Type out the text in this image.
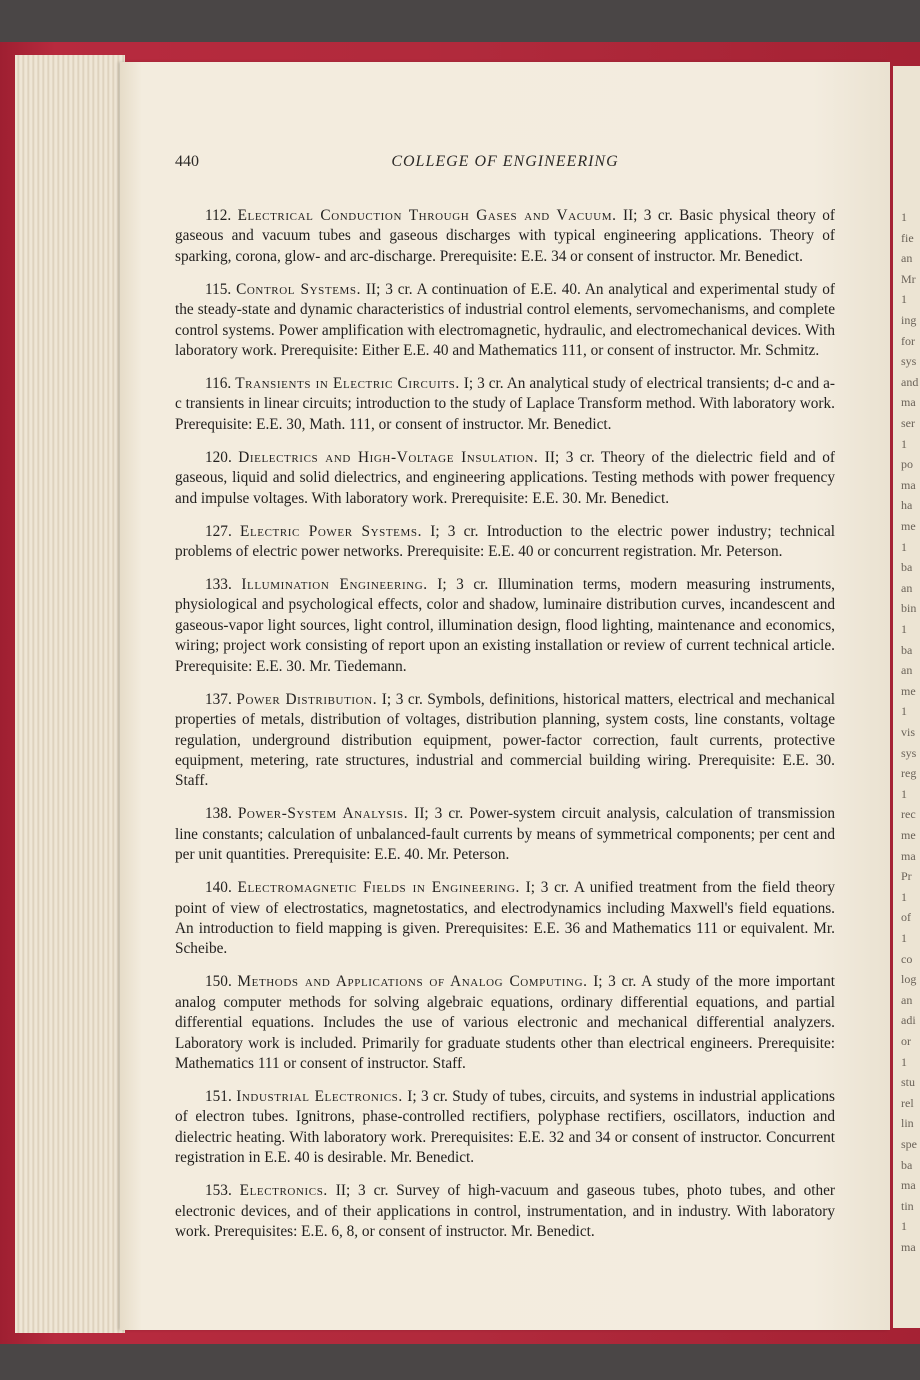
1
fie
an
Mr
1
ing
for
sys
and
ma
ser
1
po
ma
ha
me
1
ba
an
bin
1
ba
an
me
1
vis
sys
reg
1
rec
me
ma
Pr
1
of
1
co
log
an
adi
or
1
stu
rel
lin
spe
ba
ma
tin
1
ma
440	COLLEGE OF ENGINEERING

112. Electrical Conduction Through Gases and Vacuum. II; 3 cr. Basic physical theory of gaseous and vacuum tubes and gaseous discharges with typical engineering applications. Theory of sparking, corona, glow- and arc-discharge. Prerequisite: E.E. 34 or consent of instructor. Mr. Benedict.

115. Control Systems. II; 3 cr. A continuation of E.E. 40. An analytical and experimental study of the steady-state and dynamic characteristics of industrial control elements, servomechanisms, and complete control systems. Power amplification with electromagnetic, hydraulic, and electromechanical devices. With laboratory work. Prerequisite: Either E.E. 40 and Mathematics 111, or consent of instructor. Mr. Schmitz.

116. Transients in Electric Circuits. I; 3 cr. An analytical study of electrical transients; d-c and a-c transients in linear circuits; introduction to the study of Laplace Transform method. With laboratory work. Prerequisite: E.E. 30, Math. 111, or consent of instructor. Mr. Benedict.

120. Dielectrics and High-Voltage Insulation. II; 3 cr. Theory of the dielectric field and of gaseous, liquid and solid dielectrics, and engineering applications. Testing methods with power frequency and impulse voltages. With laboratory work. Prerequisite: E.E. 30. Mr. Benedict.

127. Electric Power Systems. I; 3 cr. Introduction to the electric power industry; technical problems of electric power networks. Prerequisite: E.E. 40 or concurrent registration. Mr. Peterson.

133. Illumination Engineering. I; 3 cr. Illumination terms, modern measuring instruments, physiological and psychological effects, color and shadow, luminaire distribution curves, incandescent and gaseous-vapor light sources, light control, illumination design, flood lighting, maintenance and economics, wiring; project work consisting of report upon an existing installation or review of current technical article. Prerequisite: E.E. 30. Mr. Tiedemann.

137. Power Distribution. I; 3 cr. Symbols, definitions, historical matters, electrical and mechanical properties of metals, distribution of voltages, distribution planning, system costs, line constants, voltage regulation, underground distribution equipment, power-factor correction, fault currents, protective equipment, metering, rate structures, industrial and commercial building wiring. Prerequisite: E.E. 30. Staff.

138. Power-System Analysis. II; 3 cr. Power-system circuit analysis, calculation of transmission line constants; calculation of unbalanced-fault currents by means of symmetrical components; per cent and per unit quantities. Prerequisite: E.E. 40. Mr. Peterson.

140. Electromagnetic Fields in Engineering. I; 3 cr. A unified treatment from the field theory point of view of electrostatics, magnetostatics, and electrodynamics including Maxwell's field equations. An introduction to field mapping is given. Prerequisites: E.E. 36 and Mathematics 111 or equivalent. Mr. Scheibe.

150. Methods and Applications of Analog Computing. I; 3 cr. A study of the more important analog computer methods for solving algebraic equations, ordinary differential equations, and partial differential equations. Includes the use of various electronic and mechanical differential analyzers. Laboratory work is included. Primarily for graduate students other than electrical engineers. Prerequisite: Mathematics 111 or consent of instructor. Staff.

151. Industrial Electronics. I; 3 cr. Study of tubes, circuits, and systems in industrial applications of electron tubes. Ignitrons, phase-controlled rectifiers, polyphase rectifiers, oscillators, induction and dielectric heating. With laboratory work. Prerequisites: E.E. 32 and 34 or consent of instructor. Concurrent registration in E.E. 40 is desirable. Mr. Benedict.

153. Electronics. II; 3 cr. Survey of high-vacuum and gaseous tubes, photo tubes, and other electronic devices, and of their applications in control, instrumentation, and in industry. With laboratory work. Prerequisites: E.E. 6, 8, or consent of instructor. Mr. Benedict.
